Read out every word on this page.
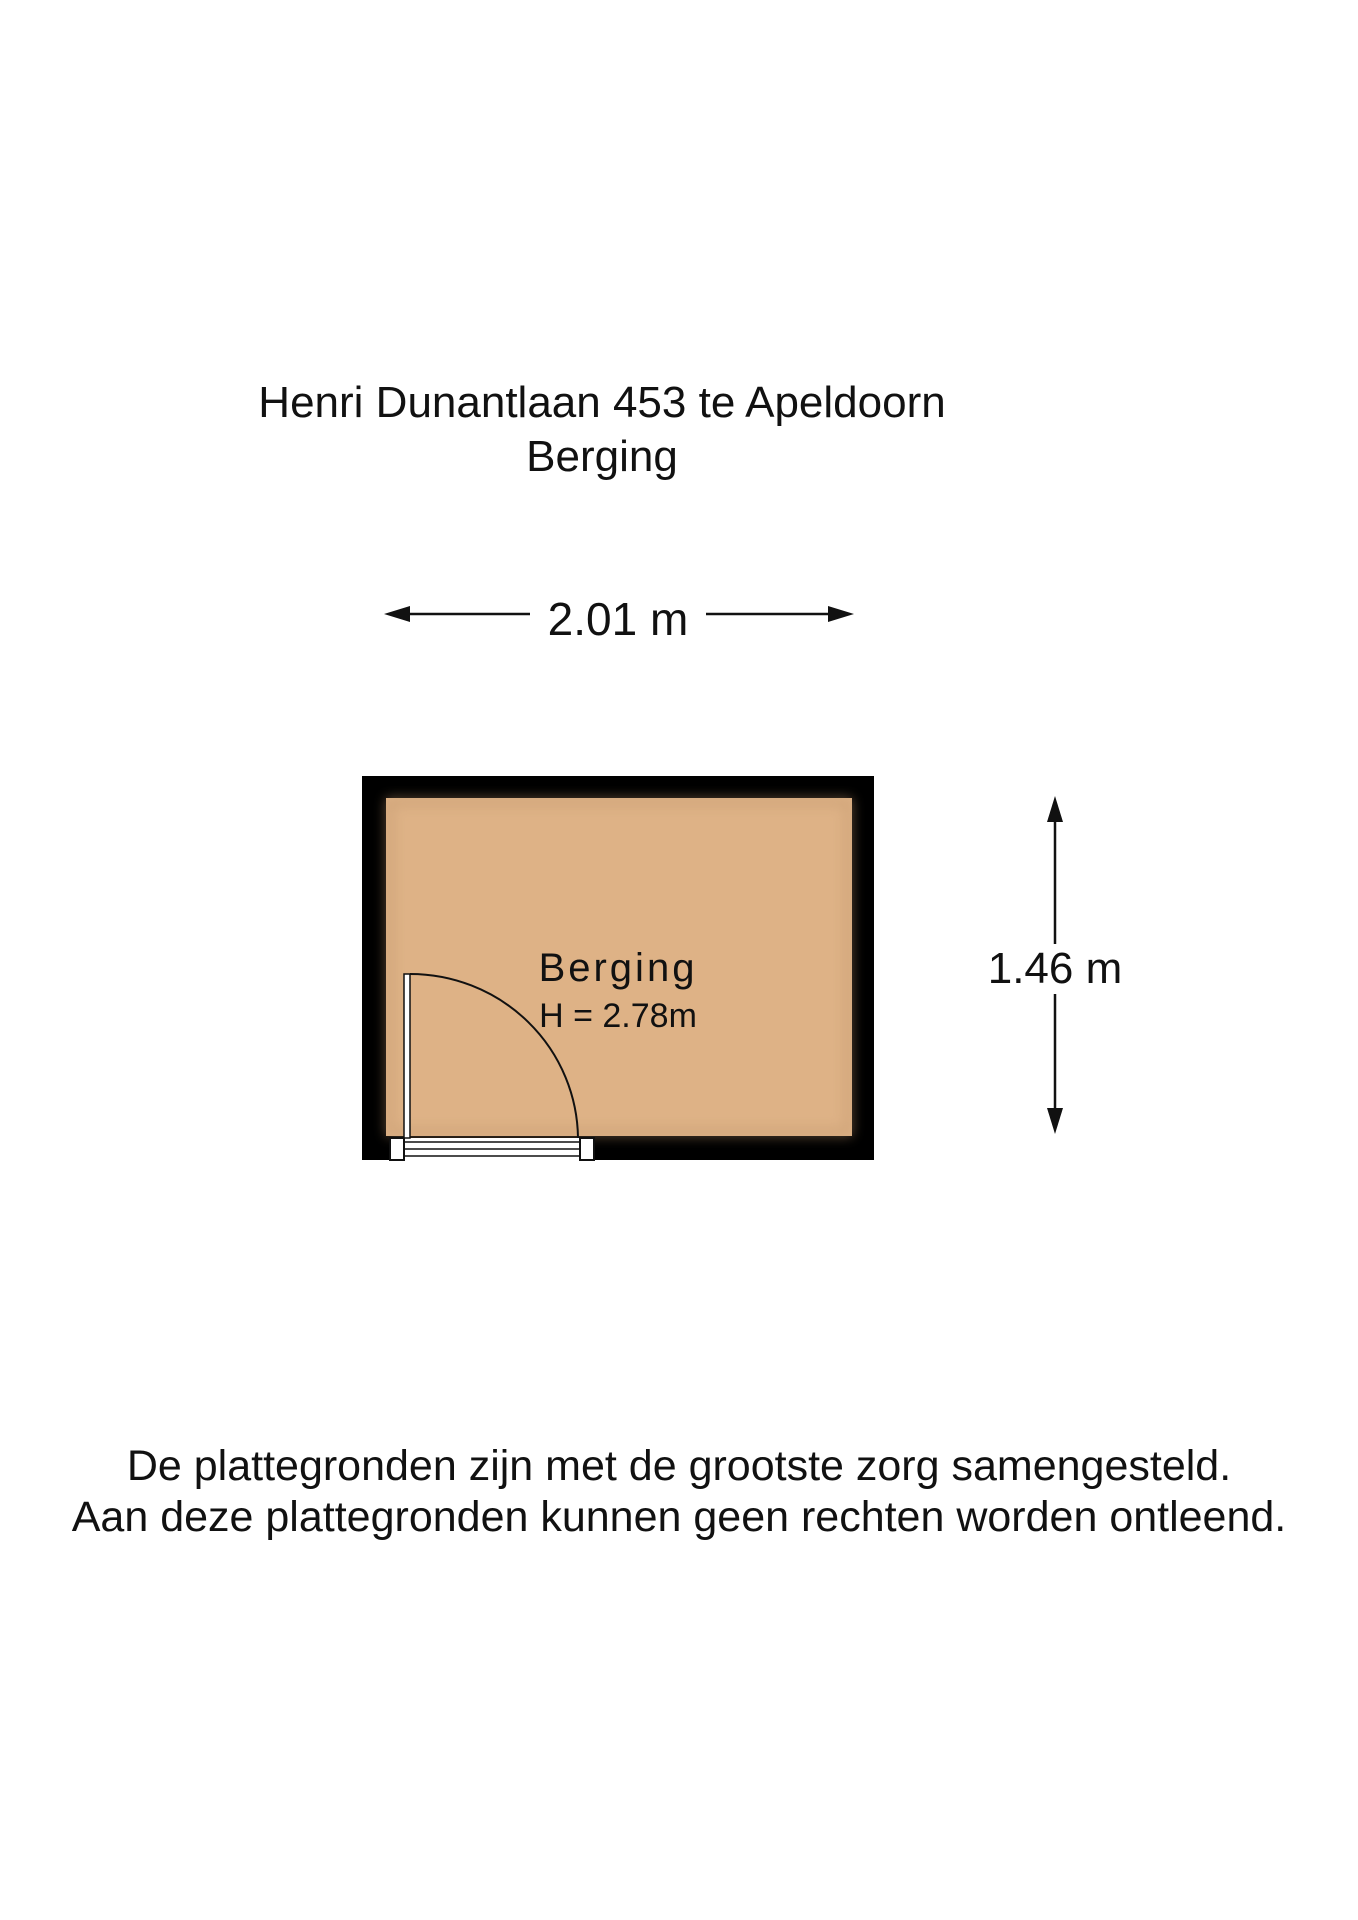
Henri Dunantlaan 453 te Apeldoorn
Berging
2.01 m
1.46 m
Berging
H = 2.78m
De plattegronden zijn met de grootste zorg samengesteld.
Aan deze plattegronden kunnen geen rechten worden ontleend.
